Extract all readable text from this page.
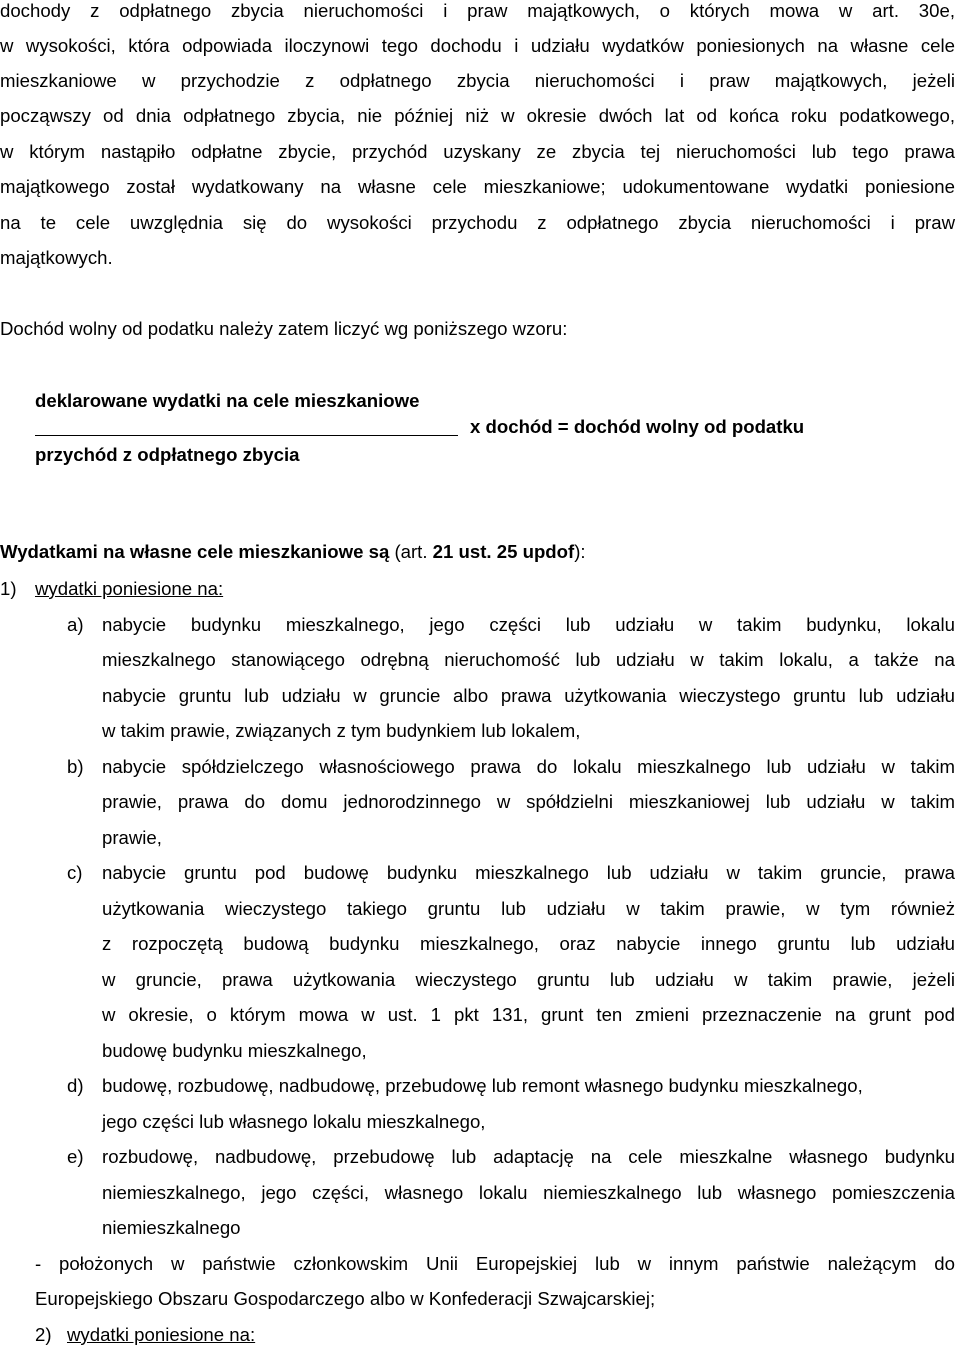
dochody z odpłatnego zbycia nieruchomości i praw majątkowych, o których mowa w art. 30e,
w wysokości, która odpowiada iloczynowi tego dochodu i udziału wydatków poniesionych na własne cele
mieszkaniowe w przychodzie z odpłatnego zbycia nieruchomości i praw majątkowych, jeżeli
począwszy od dnia odpłatnego zbycia, nie później niż w okresie dwóch lat od końca roku podatkowego,
w którym nastąpiło odpłatne zbycie, przychód uzyskany ze zbycia tej nieruchomości lub tego prawa
majątkowego został wydatkowany na własne cele mieszkaniowe; udokumentowane wydatki poniesione
na te cele uwzględnia się do wysokości przychodu z odpłatnego zbycia nieruchomości i praw
majątkowych.
Dochód wolny od podatku należy zatem liczyć wg poniższego wzoru:
deklarowane wydatki na cele mieszkaniowe
x dochód = dochód wolny od podatku
przychód z odpłatnego zbycia
Wydatkami na własne cele mieszkaniowe są (art. 21 ust. 25 updof):
1) wydatki poniesione na:
a) nabycie budynku mieszkalnego, jego części lub udziału w takim budynku, lokalu
mieszkalnego stanowiącego odrębną nieruchomość lub udziału w takim lokalu, a także na
nabycie gruntu lub udziału w gruncie albo prawa użytkowania wieczystego gruntu lub udziału
w takim prawie, związanych z tym budynkiem lub lokalem,
b) nabycie spółdzielczego własnościowego prawa do lokalu mieszkalnego lub udziału w takim
prawie, prawa do domu jednorodzinnego w spółdzielni mieszkaniowej lub udziału w takim
prawie,
c) nabycie gruntu pod budowę budynku mieszkalnego lub udziału w takim gruncie, prawa
użytkowania wieczystego takiego gruntu lub udziału w takim prawie, w tym również
z rozpoczętą budową budynku mieszkalnego, oraz nabycie innego gruntu lub udziału
w gruncie, prawa użytkowania wieczystego gruntu lub udziału w takim prawie, jeżeli
w okresie, o którym mowa w ust. 1 pkt 131, grunt ten zmieni przeznaczenie na grunt pod
budowę budynku mieszkalnego,
d) budowę, rozbudowę, nadbudowę, przebudowę lub remont własnego budynku mieszkalnego,
jego części lub własnego lokalu mieszkalnego,
e) rozbudowę, nadbudowę, przebudowę lub adaptację na cele mieszkalne własnego budynku
niemieszkalnego, jego części, własnego lokalu niemieszkalnego lub własnego pomieszczenia
niemieszkalnego
- położonych w państwie członkowskim Unii Europejskiej lub w innym państwie należącym do
Europejskiego Obszaru Gospodarczego albo w Konfederacji Szwajcarskiej;
2) wydatki poniesione na:
